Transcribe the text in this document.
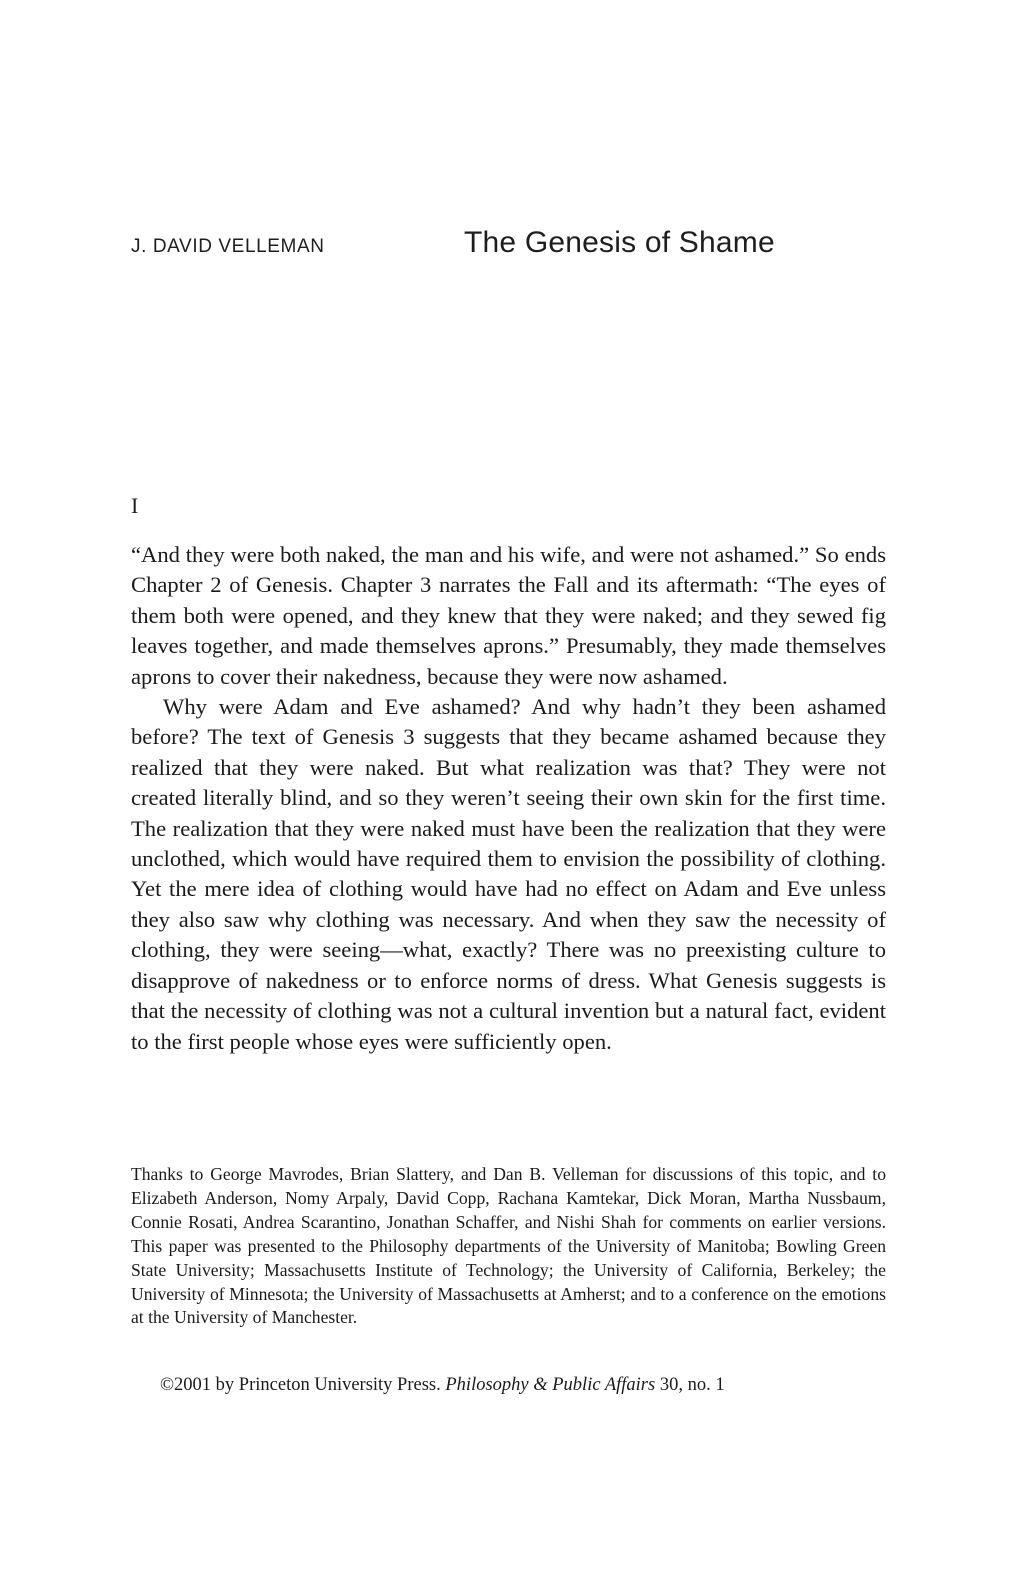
J. DAVID VELLEMAN	The Genesis of Shame
I

“And they were both naked, the man and his wife, and were not ashamed.” So ends Chapter 2 of Genesis. Chapter 3 narrates the Fall and its aftermath: “The eyes of them both were opened, and they knew that they were naked; and they sewed fig leaves together, and made themselves aprons.” Presumably, they made themselves aprons to cover their nakedness, because they were now ashamed.

Why were Adam and Eve ashamed? And why hadn’t they been ashamed before? The text of Genesis 3 suggests that they became ashamed because they realized that they were naked. But what realization was that? They were not created literally blind, and so they weren’t seeing their own skin for the first time. The realization that they were naked must have been the realization that they were unclothed, which would have required them to envision the possibility of clothing. Yet the mere idea of clothing would have had no effect on Adam and Eve unless they also saw why clothing was necessary. And when they saw the necessity of clothing, they were seeing—what, exactly? There was no preexisting culture to disapprove of nakedness or to enforce norms of dress. What Genesis suggests is that the necessity of clothing was not a cultural invention but a natural fact, evident to the first people whose eyes were sufficiently open.

Thanks to George Mavrodes, Brian Slattery, and Dan B. Velleman for discussions of this topic, and to Elizabeth Anderson, Nomy Arpaly, David Copp, Rachana Kamtekar, Dick Moran, Martha Nussbaum, Connie Rosati, Andrea Scarantino, Jonathan Schaffer, and Nishi Shah for comments on earlier versions. This paper was presented to the Philosophy departments of the University of Manitoba; Bowling Green State University; Massachusetts Institute of Technology; the University of California, Berkeley; the University of Minnesota; the University of Massachusetts at Amherst; and to a conference on the emotions at the University of Manchester.
©2001 by Princeton University Press. Philosophy & Public Affairs 30, no. 1
